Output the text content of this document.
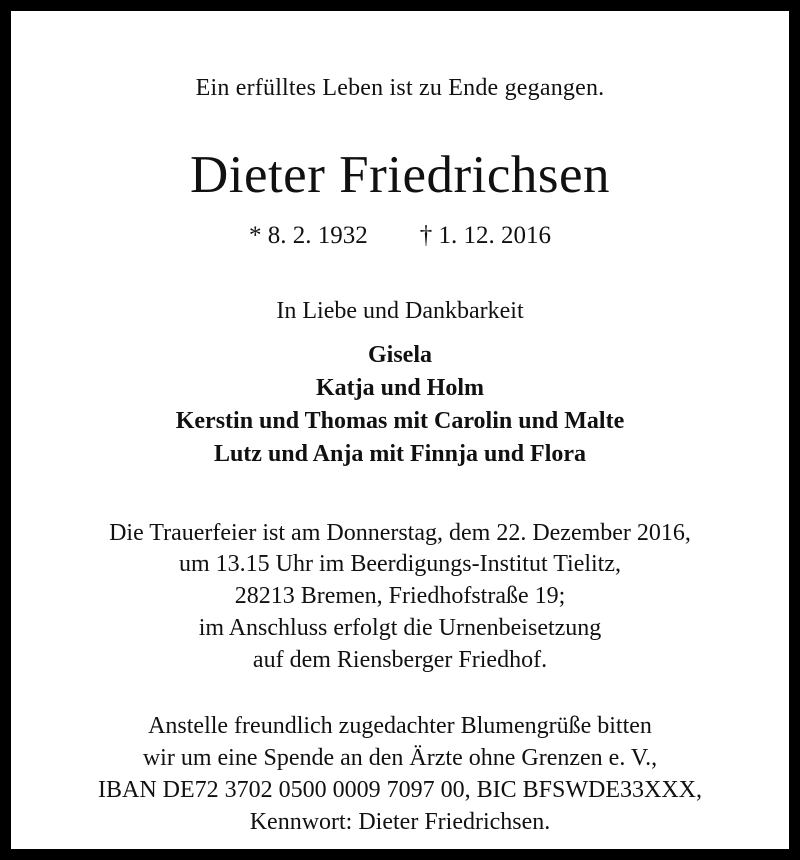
Ein erfülltes Leben ist zu Ende gegangen.
Dieter Friedrichsen
* 8. 2. 1932 † 1. 12. 2016
In Liebe und Dankbarkeit
Gisela
Katja und Holm
Kerstin und Thomas mit Carolin und Malte
Lutz und Anja mit Finnja und Flora
Die Trauerfeier ist am Donnerstag, dem 22. Dezember 2016,
um 13.15 Uhr im Beerdigungs-Institut Tielitz,
28213 Bremen, Friedhofstraße 19;
im Anschluss erfolgt die Urnenbeisetzung
auf dem Riensberger Friedhof.
Anstelle freundlich zugedachter Blumengrüße bitten
wir um eine Spende an den Ärzte ohne Grenzen e. V.,
IBAN DE72 3702 0500 0009 7097 00, BIC BFSWDE33XXX,
Kennwort: Dieter Friedrichsen.
